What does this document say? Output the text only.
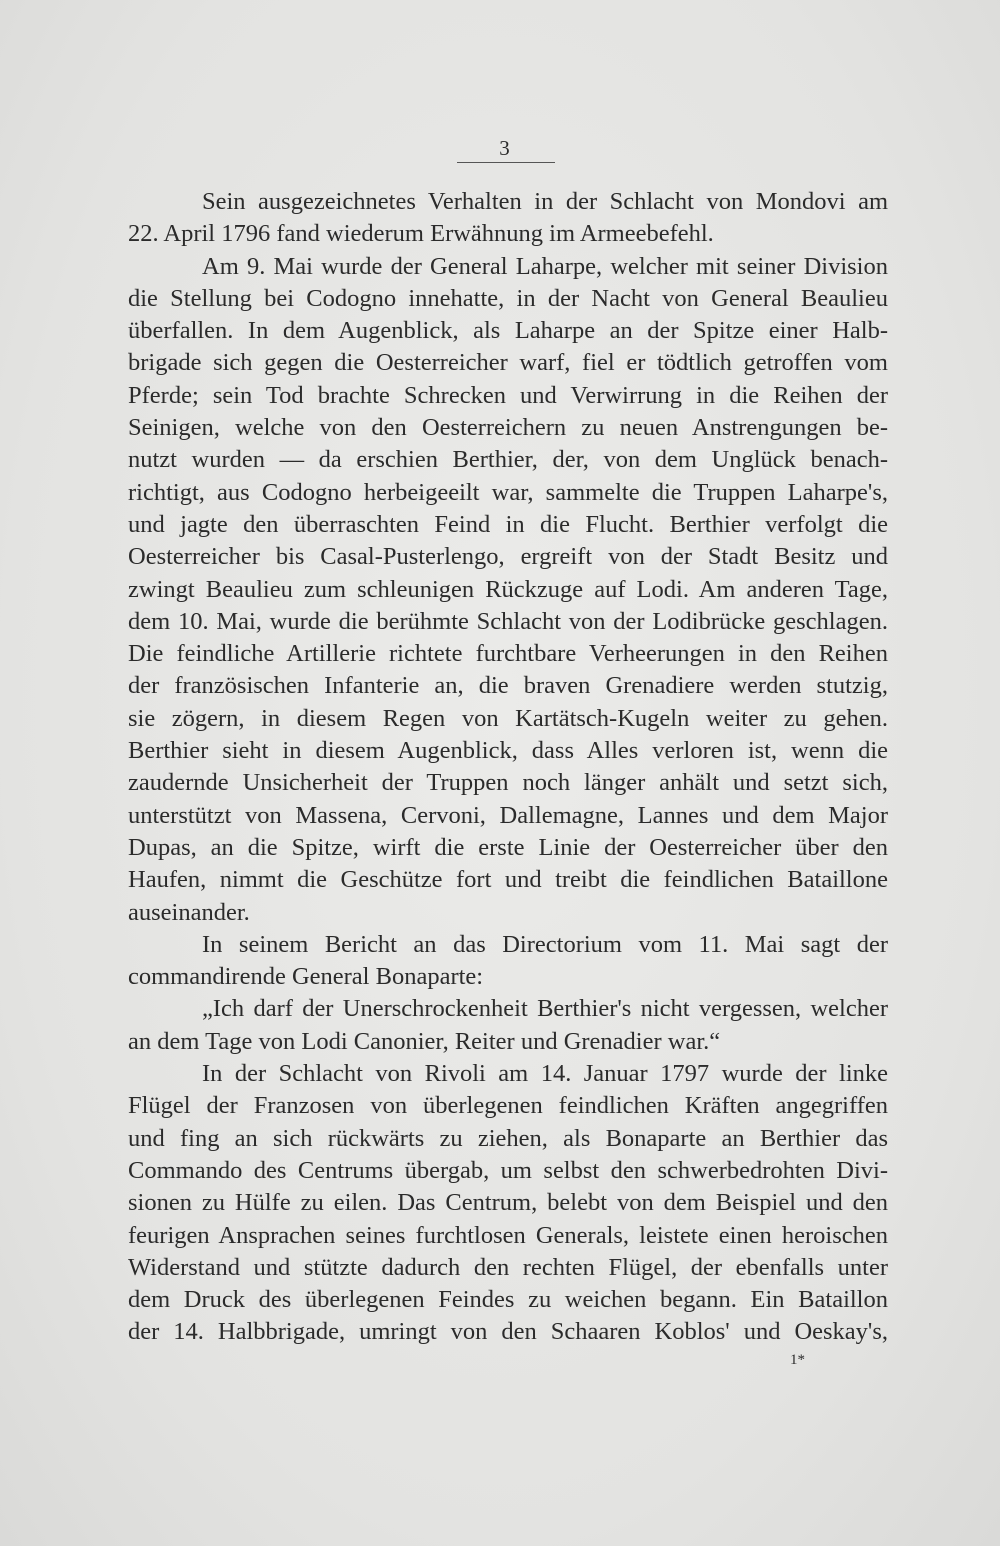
3
Sein ausgezeichnetes Verhalten in der Schlacht von Mondovi am
22. April 1796 fand wiederum Erwähnung im Armeebefehl.
Am 9. Mai wurde der General Laharpe, welcher mit seiner Division
die Stellung bei Codogno innehatte, in der Nacht von General Beaulieu
überfallen. In dem Augenblick, als Laharpe an der Spitze einer Halb-
brigade sich gegen die Oesterreicher warf, fiel er tödtlich getroffen vom
Pferde; sein Tod brachte Schrecken und Verwirrung in die Reihen der
Seinigen, welche von den Oesterreichern zu neuen Anstrengungen be-
nutzt wurden — da erschien Berthier, der, von dem Unglück benach-
richtigt, aus Codogno herbeigeeilt war, sammelte die Truppen Laharpe's,
und jagte den überraschten Feind in die Flucht. Berthier verfolgt die
Oesterreicher bis Casal-Pusterlengo, ergreift von der Stadt Besitz und
zwingt Beaulieu zum schleunigen Rückzuge auf Lodi. Am anderen Tage,
dem 10. Mai, wurde die berühmte Schlacht von der Lodibrücke geschlagen.
Die feindliche Artillerie richtete furchtbare Verheerungen in den Reihen
der französischen Infanterie an, die braven Grenadiere werden stutzig,
sie zögern, in diesem Regen von Kartätsch-Kugeln weiter zu gehen.
Berthier sieht in diesem Augenblick, dass Alles verloren ist, wenn die
zaudernde Unsicherheit der Truppen noch länger anhält und setzt sich,
unterstützt von Massena, Cervoni, Dallemagne, Lannes und dem Major
Dupas, an die Spitze, wirft die erste Linie der Oesterreicher über den
Haufen, nimmt die Geschütze fort und treibt die feindlichen Bataillone
auseinander.
In seinem Bericht an das Directorium vom 11. Mai sagt der
commandirende General Bonaparte:
„Ich darf der Unerschrockenheit Berthier's nicht vergessen, welcher
an dem Tage von Lodi Canonier, Reiter und Grenadier war.“
In der Schlacht von Rivoli am 14. Januar 1797 wurde der linke
Flügel der Franzosen von überlegenen feindlichen Kräften angegriffen
und fing an sich rückwärts zu ziehen, als Bonaparte an Berthier das
Commando des Centrums übergab, um selbst den schwerbedrohten Divi-
sionen zu Hülfe zu eilen. Das Centrum, belebt von dem Beispiel und den
feurigen Ansprachen seines furchtlosen Generals, leistete einen heroischen
Widerstand und stützte dadurch den rechten Flügel, der ebenfalls unter
dem Druck des überlegenen Feindes zu weichen begann. Ein Bataillon
der 14. Halbbrigade, umringt von den Schaaren Koblos' und Oeskay's,
1*
